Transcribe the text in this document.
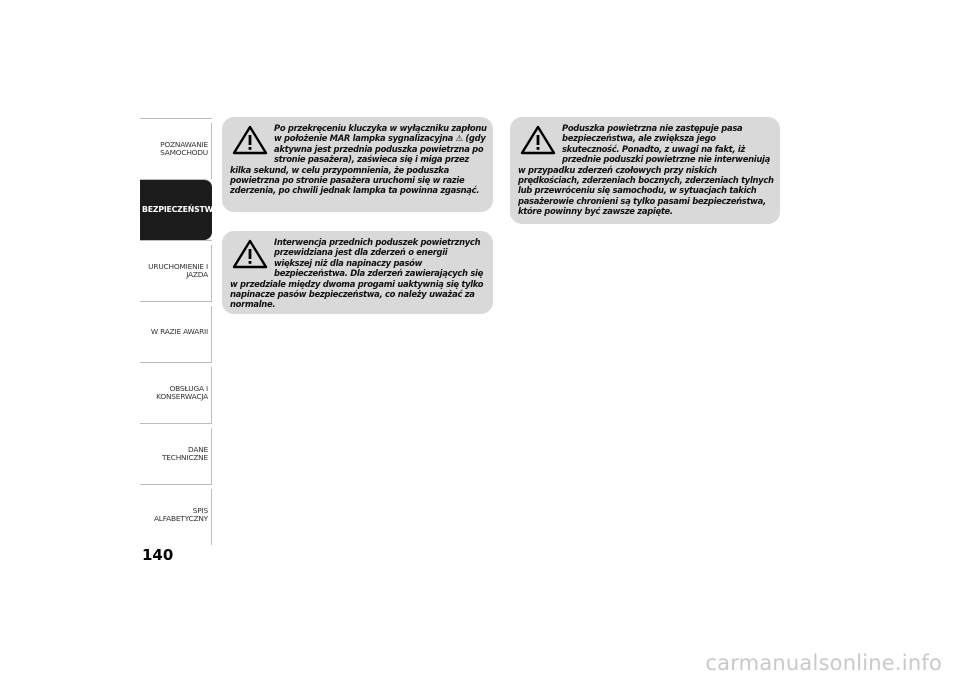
POZNAWANIE SAMOCHODU
BEZPIECZEŃSTWO
URUCHOMIENIE I JAZDA
W RAZIE AWARII
OBSŁUGA I KONSERWACJA
DANE TECHNICZNE
SPIS ALFABETYCZNY
140

Po przekręceniu kluczyka w wyłączniku zapłonu w położenie MAR lampka sygnalizacyjna ⚠ (gdy aktywna jest przednia poduszka powietrzna po stronie pasażera), zaświeca się i miga przez kilka sekund, w celu przypomnienia, że poduszka powietrzna po stronie pasażera uruchomi się w razie zderzenia, po chwili jednak lampka ta powinna zgasnąć.

Interwencja przednich poduszek powietrznych przewidziana jest dla zderzeń o energii większej niż dla napinaczy pasów bezpieczeństwa. Dla zderzeń zawierających się w przedziale między dwoma progami uaktywnią się tylko napinacze pasów bezpieczeństwa, co należy uważać za normalne.

Poduszka powietrzna nie zastępuje pasa bezpieczeństwa, ale zwiększa jego skuteczność. Ponadto, z uwagi na fakt, iż przednie poduszki powietrzne nie interweniują w przypadku zderzeń czołowych przy niskich prędkościach, zderzeniach bocznych, zderzeniach tylnych lub przewróceniu się samochodu, w sytuacjach takich pasażerowie chronieni są tylko pasami bezpieczeństwa, które powinny być zawsze zapięte.

carmanualsonline.info
